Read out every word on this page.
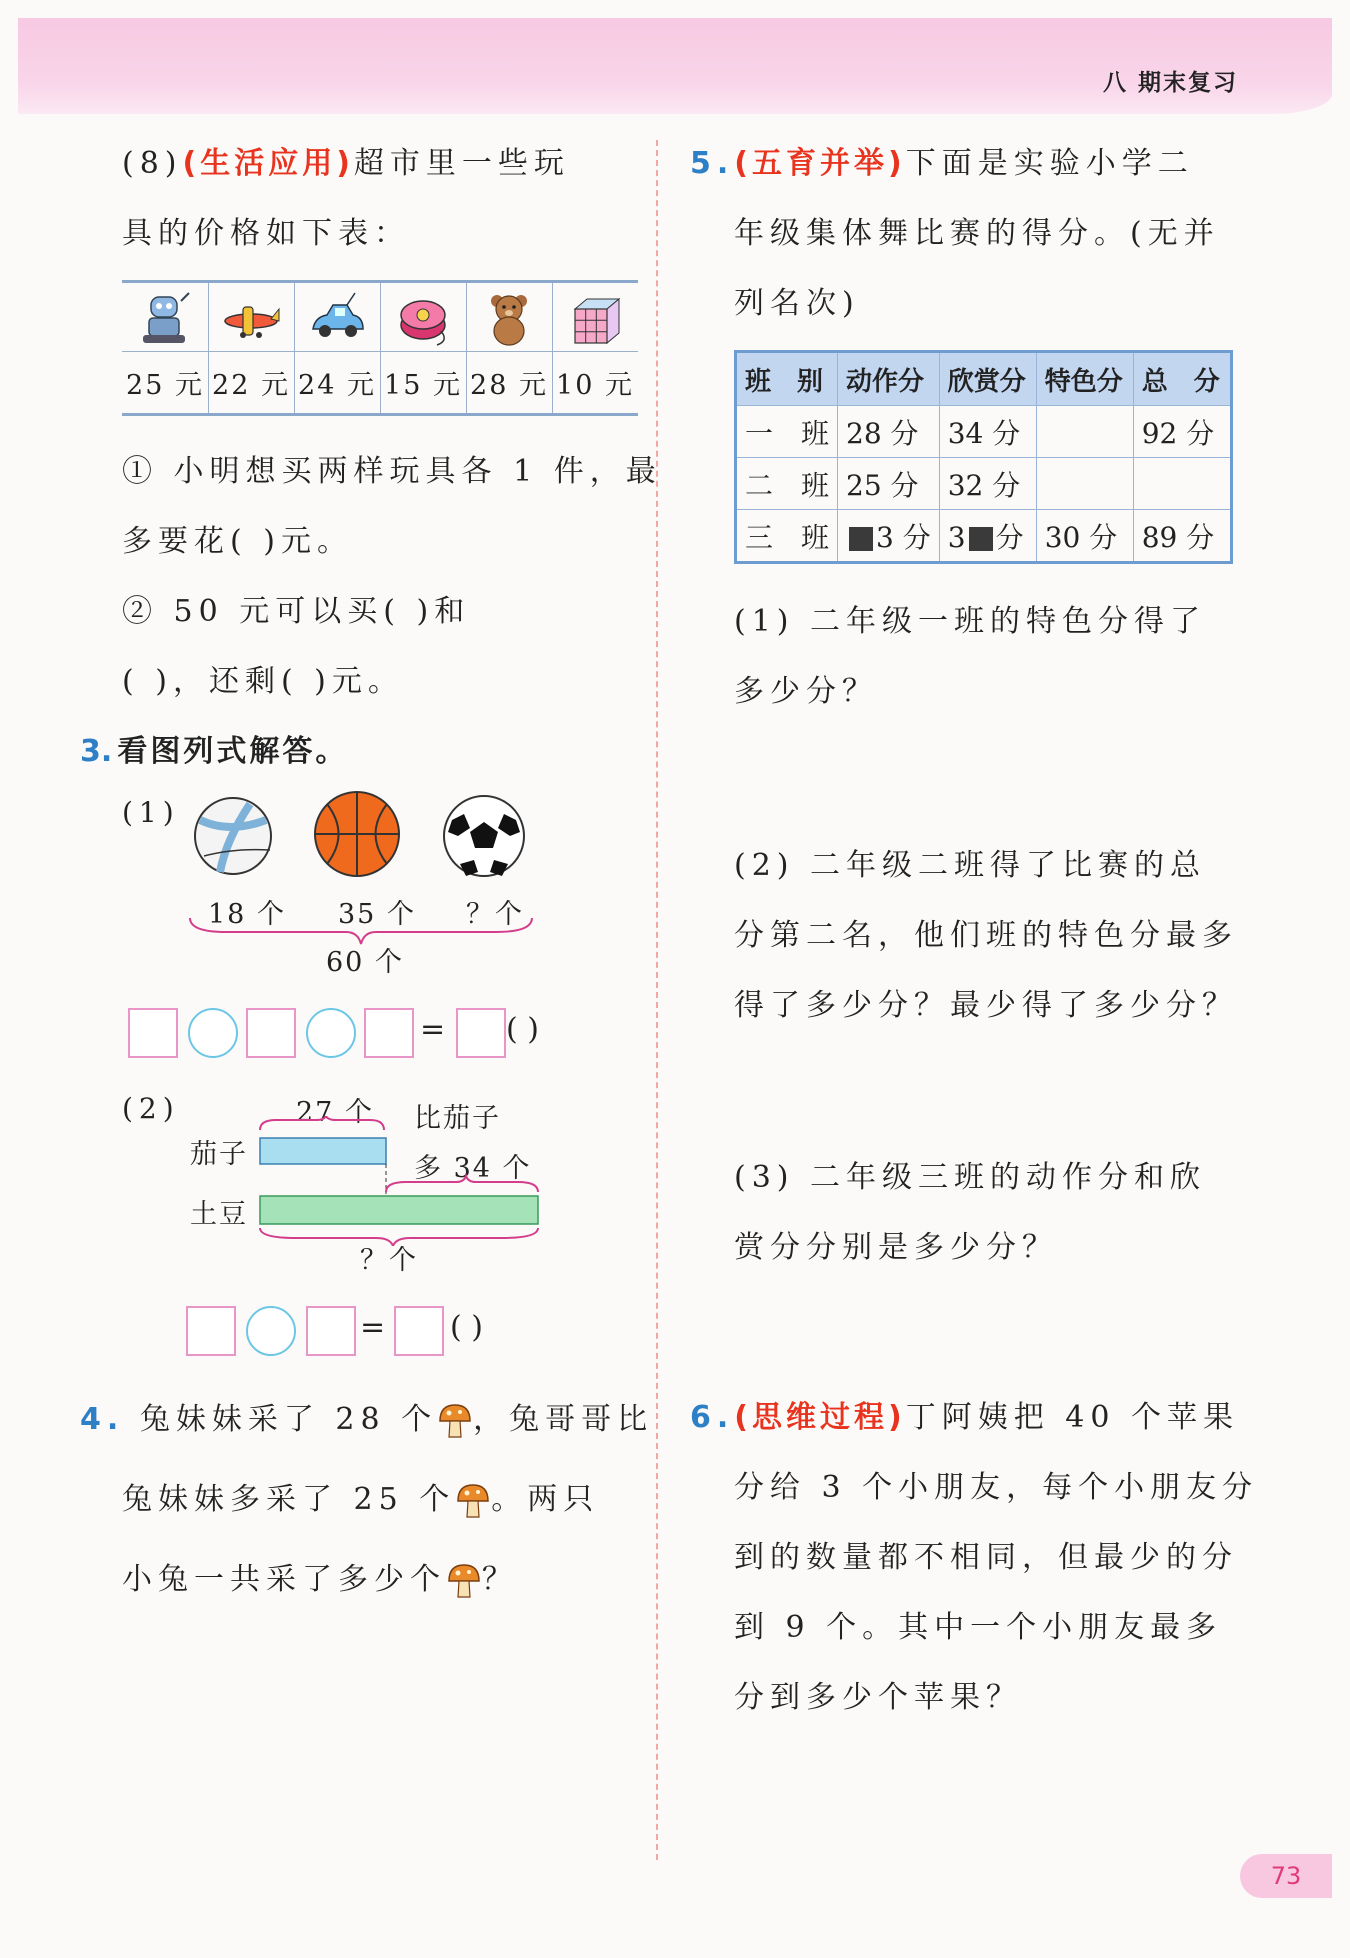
八 期末复习
(8)(生活应用)超市里一些玩
具的价格如下表：
25 元 22 元 24 元 15 元 28 元 10 元
① 小明想买两样玩具各 1 件，最
多要花( )元。
② 50 元可以买( )和
( )，还剩( )元。
3. 看图列式解答。
(1)
18 个 35 个 ？个
60 个
= ( )
(2)	27 个 比茄子
多 34 个
茄子
土豆
？个
= ( )
4. 兔妹妹采了 28 个 ，兔哥哥比
兔妹妹多采了 25 个 。两只
小兔一共采了多少个 ？
5.(五育并举)下面是实验小学二
年级集体舞比赛的得分。(无并
列名次)
班　别	动作分	欣赏分	特色分	总　分
一　班	28 分	34 分		92 分
二　班	25 分	32 分		
三　班	3 分	3 分	30 分	89 分
(1) 二年级一班的特色分得了
多少分？
(2) 二年级二班得了比赛的总
分第二名，他们班的特色分最多
得了多少分？最少得了多少分？
(3) 二年级三班的动作分和欣
赏分分别是多少分？
6.(思维过程)丁阿姨把 40 个苹果
分给 3 个小朋友，每个小朋友分
到的数量都不相同，但最少的分
到 9 个。其中一个小朋友最多
分到多少个苹果？
73
